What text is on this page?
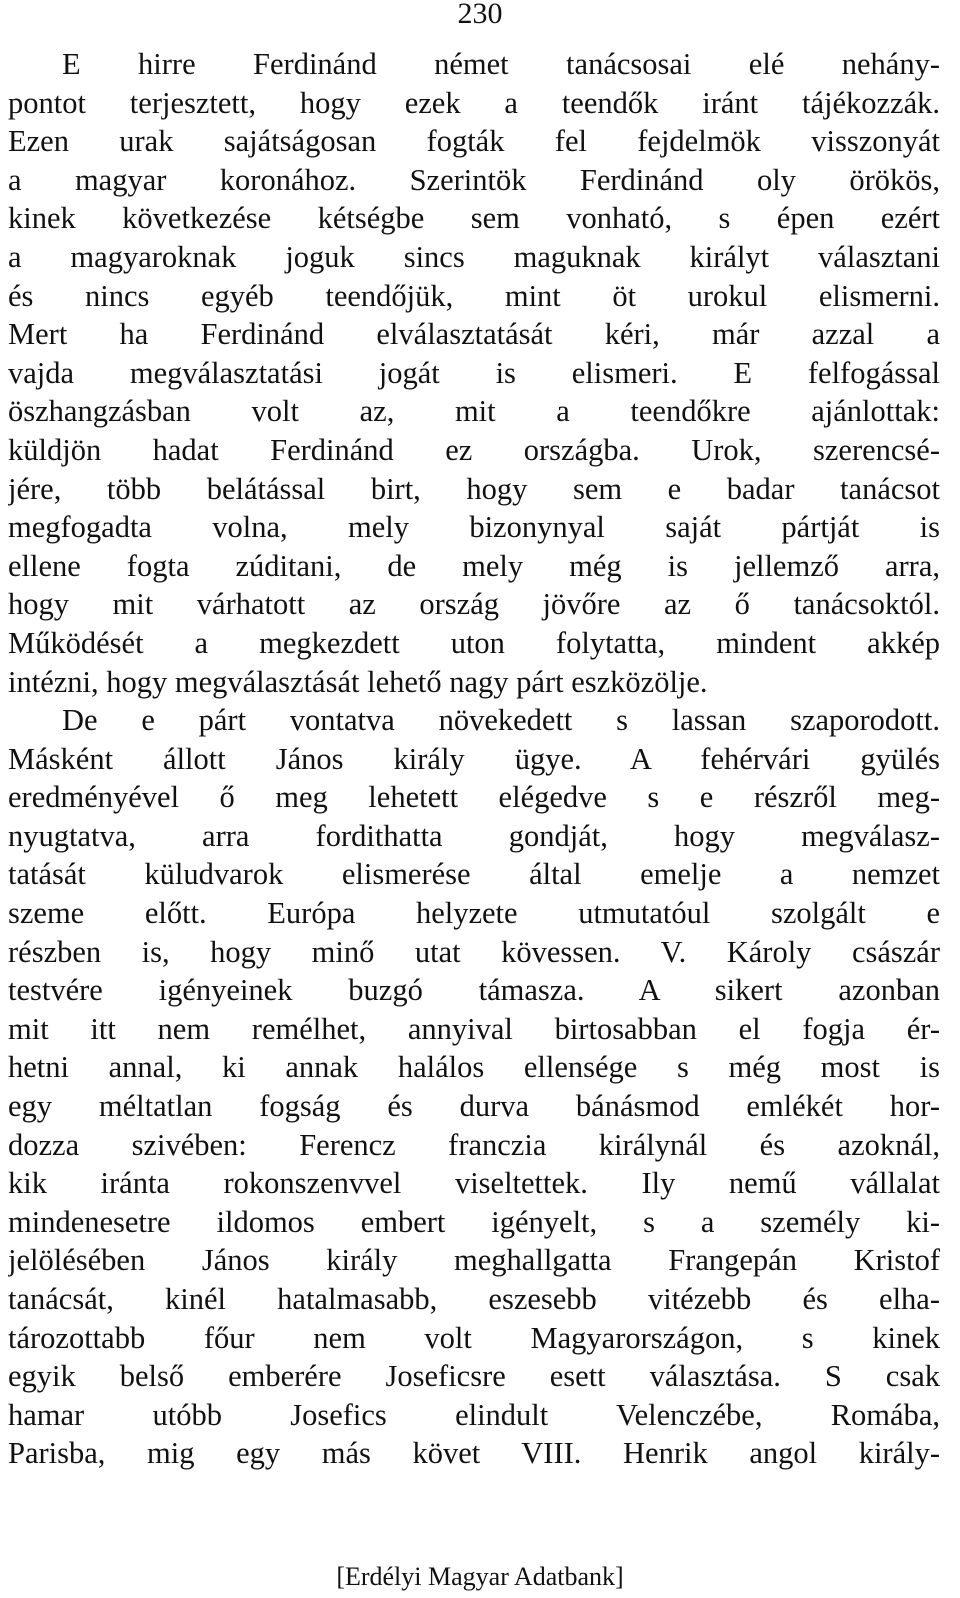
230
E hirre Ferdinánd német tanácsosai elé nehány-
pontot terjesztett, hogy ezek a teendők iránt tájékozzák.
Ezen urak sajátságosan fogták fel fejdelmök visszonyát
a magyar koronához. Szerintök Ferdinánd oly örökös,
kinek következése kétségbe sem vonható, s épen ezért
a magyaroknak joguk sincs maguknak királyt választani
és nincs egyéb teendőjük, mint öt urokul elismerni.
Mert ha Ferdinánd elválasztatását kéri, már azzal a
vajda megválasztatási jogát is elismeri. E felfogással
öszhangzásban volt az, mit a teendőkre ajánlottak:
küldjön hadat Ferdinánd ez országba. Urok, szerencsé-
jére, több belátással birt, hogy sem e badar tanácsot
megfogadta volna, mely bizonynyal saját pártját is
ellene fogta zúditani, de mely még is jellemző arra,
hogy mit várhatott az ország jövőre az ő tanácsoktól.
Működését a megkezdett uton folytatta, mindent akkép
intézni, hogy megválasztását lehető nagy párt eszközölje.
De e párt vontatva növekedett s lassan szaporodott.
Másként állott János király ügye. A fehérvári gyülés
eredményével ő meg lehetett elégedve s e részről meg-
nyugtatva, arra fordithatta gondját, hogy megválasz-
tatását küludvarok elismerése által emelje a nemzet
szeme előtt. Európa helyzete utmutatóul szolgált e
részben is, hogy minő utat kövessen. V. Károly császár
testvére igényeinek buzgó támasza. A sikert azonban
mit itt nem remélhet, annyival birtosabban el fogja ér-
hetni annal, ki annak halálos ellensége s még most is
egy méltatlan fogság és durva bánásmod emlékét hor-
dozza szivében: Ferencz franczia királynál és azoknál,
kik iránta rokonszenvvel viseltettek. Ily nemű vállalat
mindenesetre ildomos embert igényelt, s a személy ki-
jelölésében János király meghallgatta Frangepán Kristof
tanácsát, kinél hatalmasabb, eszesebb vitézebb és elha-
tározottabb főur nem volt Magyarországon, s kinek
egyik belső emberére Joseficsre esett választása. S csak
hamar utóbb Josefics elindult Velenczébe, Romába,
Parisba, mig egy más követ VIII. Henrik angol király-
[Erdélyi Magyar Adatbank]
